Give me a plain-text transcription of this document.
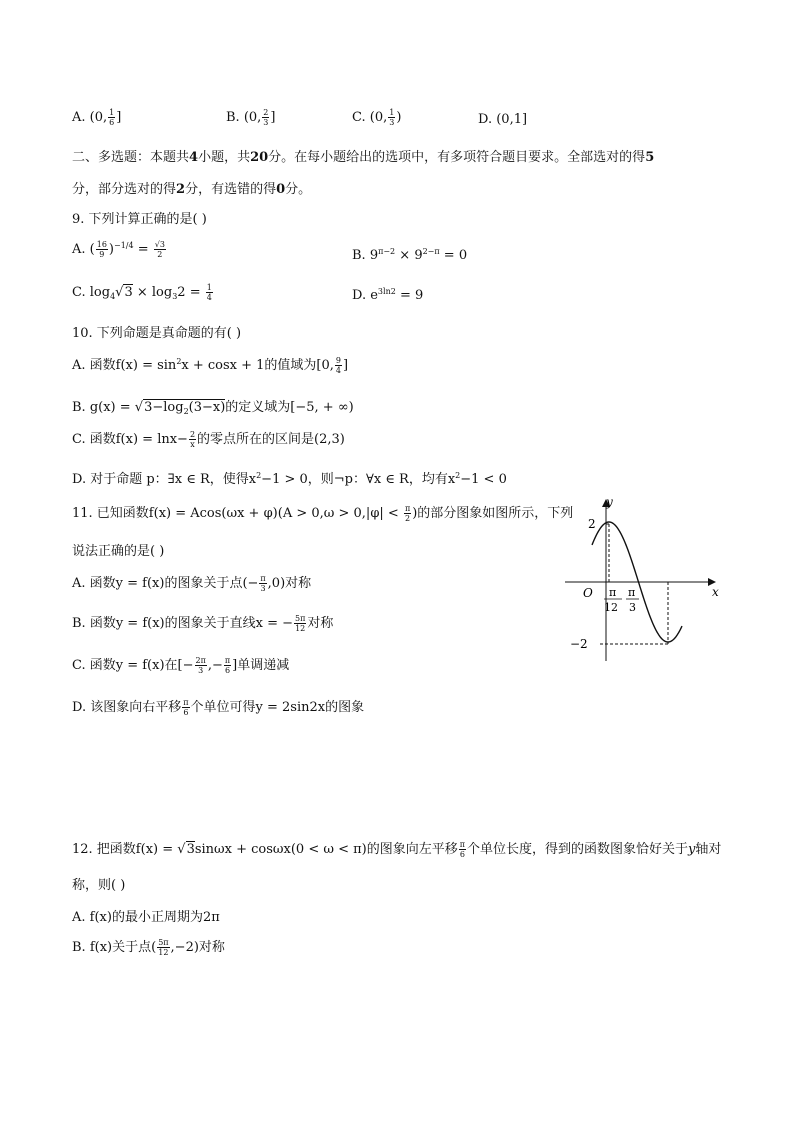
A. (0, $\frac{1}{6}$ ]	B. (0, $\frac{2}{3}$ ]	C. (0, $\frac{1}{3}$ )	D. (0,1]
二、多选题：本题共4小题，共20分。在每小题给出的选项中，有多项符合题目要求。全部选对的得5
分，部分选对的得2分，有选错的得0分。
9. 下列计算正确的是( )
A. ( $\frac{16}{9} )^{-1/4} = \frac{√3}{2}$	B. $9^{\pi-2} \times 9^{2-\pi} = 0$
C. $\log_4√3 \times \log_32 = \frac{1}{4}$	D. $e^{3ln2} = 9$
10. 下列命题是真命题的有( )
A. 函数$f(x) = \sin^2x + \cos x + 1$的值域为[0, $\frac{9}{4}$ ]
B. $g(x) = √3-\log_2(3-x)$的定义域为[−5, + ∞)
C. 函数$f(x) = \ln x- \frac{2}{x}$ 的零点所在的区间是(2,3)
D. 对于命题 p：∃x ∈ R，使得$x^2-1 > 0$，则¬p：∀x ∈ R，均有$x^2-1 < 0$
11. 已知函数$f(x) = Acos(\omega x + \varphi)(A > 0,\omega > 0,|\varphi| < \frac{\pi}{2}$ )的部分图象如图所示，下列
说法正确的是( )
A. 函数y = f(x)的图象关于点(− $\frac{\pi}{3} ,0$)对称
B. 函数y = f(x)的图象关于直线x = − $\frac{5\pi}{12}$ 对称
C. 函数y = f(x)在[− $\frac{2\pi}{3}$ ,− $\frac{\pi}{6}$ ]单调递减
D. 该图象向右平移 $\frac{\pi}{6}$ 个单位可得y = 2sin2x的图象
y
x
O
2
−2
π
12
π
3
12. 把函数f(x) = √3sinωx + cosωx(0 < ω < π)的图象向左平移 $\frac{\pi}{6}$ 个单位长度，得到的函数图象恰好关于y轴对
称，则( )
A. f(x)的最小正周期为2π
B. f(x)关于点( $\frac{5\pi}{12} ,-2$)对称
